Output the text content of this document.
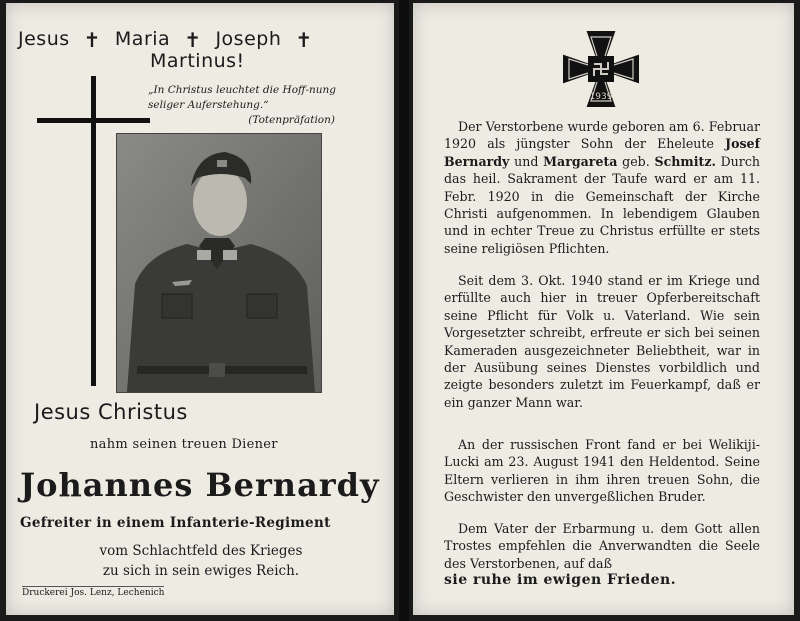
Jesus ✝ Maria ✝ Joseph ✝
Martinus!
„In Christus leuchtet die Hoff-nung seliger Auferstehung.“
(Totenpräfation)
Jesus Christus
nahm seinen treuen Diener
Johannes Bernardy
Gefreiter in einem Infanterie-Regiment
vom Schlachtfeld des Krieges
zu sich in sein ewiges Reich.
Druckerei Jos. Lenz, Lechenich
1939

Der Verstorbene wurde geboren am 6. Februar 1920 als jüngster Sohn der Eheleute Josef Bernardy und Margareta geb. Schmitz. Durch das heil. Sakrament der Taufe ward er am 11. Febr. 1920 in die Gemeinschaft der Kirche Christi aufgenommen. In lebendigem Glauben und in echter Treue zu Christus erfüllte er stets seine religiösen Pflichten.

Seit dem 3. Okt. 1940 stand er im Kriege und erfüllte auch hier in treuer Opferbereitschaft seine Pflicht für Volk u. Vaterland. Wie sein Vorgesetzter schreibt, erfreute er sich bei seinen Kameraden ausgezeichneter Beliebtheit, war in der Ausübung seines Dienstes vorbildlich und zeigte besonders zuletzt im Feuerkampf, daß er ein ganzer Mann war.

An der russischen Front fand er bei Welikiji-Lucki am 23. August 1941 den Heldentod. Seine Eltern verlieren in ihm ihren treuen Sohn, die Geschwister den unvergeßlichen Bruder.

Dem Vater der Erbarmung u. dem Gott allen Trostes empfehlen die Anverwandten die Seele des Verstorbenen, auf daß

sie ruhe im ewigen Frieden.
